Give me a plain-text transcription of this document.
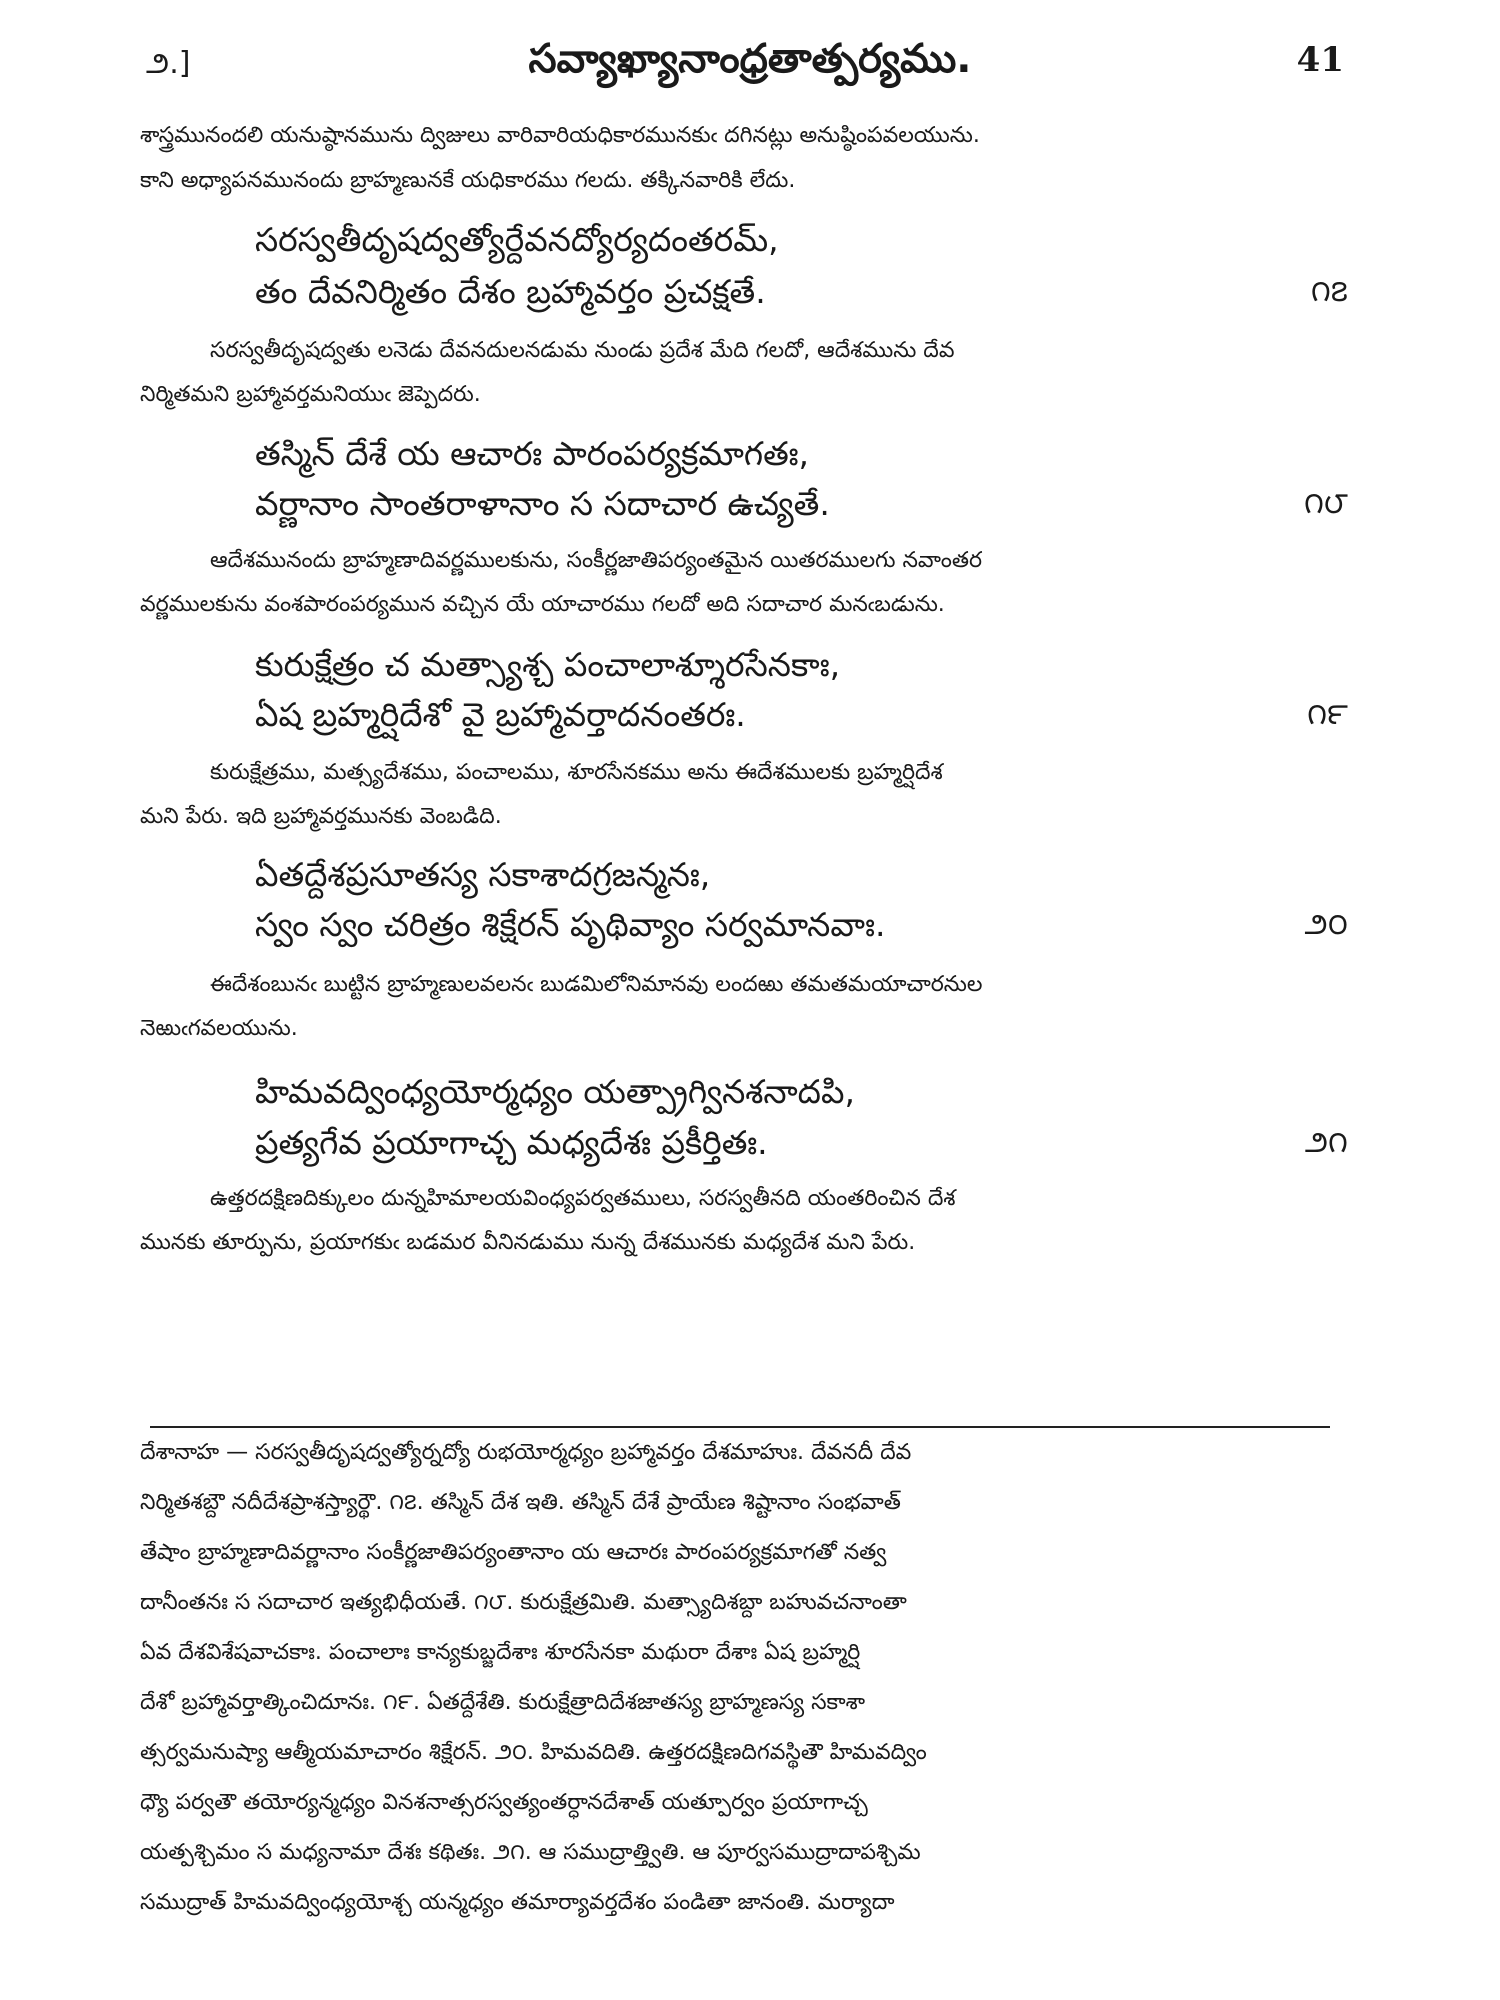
౨.]	సవ్యాఖ్యానాంధ్రతాత్పర్యము.	41
శాస్త్రమునందలి యనుష్ఠానమును ద్విజులు వారివారియధికారమునకుఁ దగినట్లు అనుష్ఠింపవలయును.
కాని అధ్యాపనమునందు బ్రాహ్మణునకే యధికారము గలదు. తక్కినవారికి లేదు.
సరస్వతీదృషద్వత్యోర్దేవనద్యోర్యదంతరమ్,
తం దేవనిర్మితం దేశం బ్రహ్మావర్తం ప్రచక్షతే.	౧౭
సరస్వతీదృషద్వతు లనెడు దేవనదులనడుమ నుండు ప్రదేశ మేది గలదో, ఆదేశమును దేవ
నిర్మితమని బ్రహ్మావర్తమనియుఁ జెప్పెదరు.
తస్మిన్ దేశే య ఆచారః పారంపర్యక్రమాగతః,
వర్ణానాం సాంతరాళానాం స సదాచార ఉచ్యతే.	౧౮
ఆదేశమునందు బ్రాహ్మణాదివర్ణములకును, సంకీర్ణజాతిపర్యంతమైన యితరములగు నవాంతర
వర్ణములకును వంశపారంపర్యమున వచ్చిన యే యాచారము గలదో అది సదాచార మనఁబడును.
కురుక్షేత్రం చ మత్స్యాశ్చ పంచాలాశ్శూరసేనకాః,
ఏష బ్రహ్మర్షిదేశో వై బ్రహ్మావర్తాదనంతరః.	౧౯
కురుక్షేత్రము, మత్స్యదేశము, పంచాలము, శూరసేనకము అను ఈదేశములకు బ్రహ్మర్షిదేశ
మని పేరు. ఇది బ్రహ్మావర్తమునకు వెంబడిది.
ఏతద్దేశప్రసూతస్య సకాశాదగ్రజన్మనః,
స్వం స్వం చరిత్రం శిక్షేరన్ పృథివ్యాం సర్వమానవాః.	౨౦
ఈదేశంబునఁ బుట్టిన బ్రాహ్మణులవలనఁ బుడమిలోనిమానవు లందఱు తమతమయాచారనుల
నెఱుఁగవలయును.
హిమవద్వింధ్యయోర్మధ్యం యత్ప్రాగ్వినశనాదపి,
ప్రత్యగేవ ప్రయాగాచ్చ మధ్యదేశః ప్రకీర్తితః.	౨౧
ఉత్తరదక్షిణదిక్కులం దున్నహిమాలయవింధ్యపర్వతములు, సరస్వతీనది యంతరించిన దేశ
మునకు తూర్పును, ప్రయాగకుఁ బడమర వీనినడుము నున్న దేశమునకు మధ్యదేశ మని పేరు.
దేశానాహ — సరస్వతీదృషద్వత్యోర్నద్యో రుభయోర్మధ్యం బ్రహ్మావర్తం దేశమాహుః. దేవనదీ దేవ
నిర్మితశబ్దౌ నదీదేశప్రాశస్త్యార్థౌ. ౧౭. తస్మిన్ దేశ ఇతి. తస్మిన్ దేశే ప్రాయేణ శిష్టానాం సంభవాత్
తేషాం బ్రాహ్మణాదివర్ణానాం సంకీర్ణజాతిపర్యంతానాం య ఆచారః పారంపర్యక్రమాగతో నత్వ
దానీంతనః స సదాచార ఇత్యభిధీయతే. ౧౮. కురుక్షేత్రమితి. మత్స్యాదిశబ్దా బహువచనాంతా
ఏవ దేశవిశేషవాచకాః. పంచాలాః కాన్యకుబ్జదేశాః శూరసేనకా మథురా దేశాః ఏష బ్రహ్మర్షి
దేశో బ్రహ్మావర్తాత్కించిదూనః. ౧౯. ఏతద్దేశేతి. కురుక్షేత్రాదిదేశజాతస్య బ్రాహ్మణస్య సకాశా
త్సర్వమనుష్యా ఆత్మీయమాచారం శిక్షేరన్. ౨౦. హిమవదితి. ఉత్తరదక్షిణదిగవస్థితౌ హిమవద్విం
ధ్యౌ పర్వతౌ తయోర్యన్మధ్యం వినశనాత్సరస్వత్యంతర్ధానదేశాత్ యత్పూర్వం ప్రయాగాచ్చ
యత్పశ్చిమం స మధ్యనామా దేశః కథితః. ౨౧. ఆ సముద్రాత్త్వితి. ఆ పూర్వసముద్రాదాపశ్చిమ
సముద్రాత్ హిమవద్వింధ్యయోశ్చ యన్మధ్యం తమార్యావర్తదేశం పండితా జానంతి. మర్యాదా
